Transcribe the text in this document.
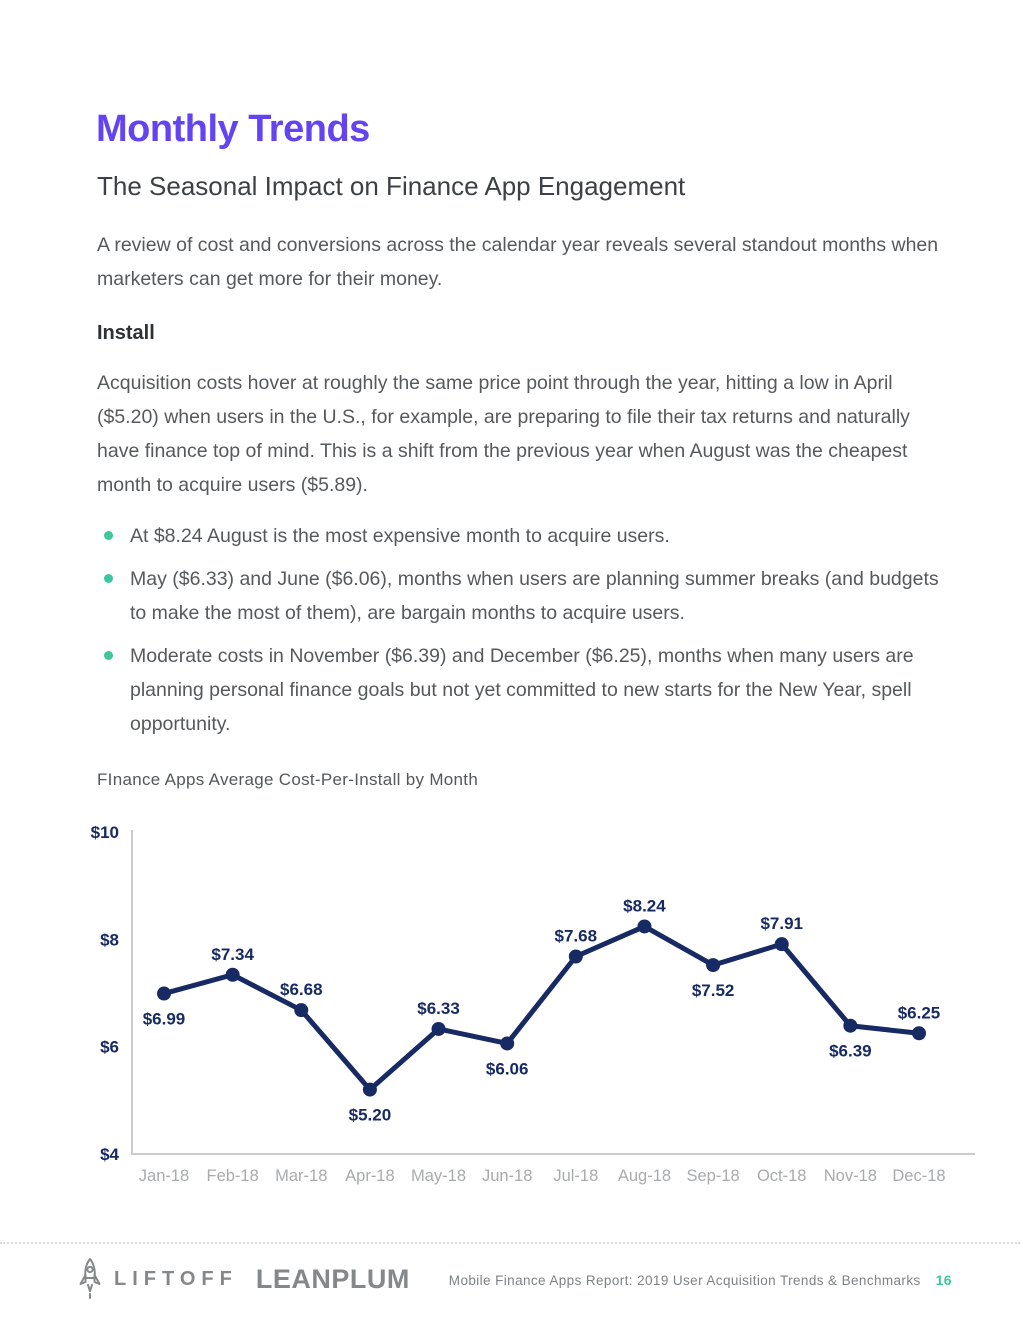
Monthly Trends
The Seasonal Impact on Finance App Engagement

A review of cost and conversions across the calendar year reveals several standout months when marketers can get more for their money.

Install

Acquisition costs hover at roughly the same price point through the year, hitting a low in April ($5.20) when users in the U.S., for example, are preparing to file their tax returns and naturally have finance top of mind. This is a shift from the previous year when August was the cheapest month to acquire users ($5.89).

At $8.24 August is the most expensive month to acquire users.
May ($6.33) and June ($6.06), months when users are planning summer breaks (and budgets to make the most of them), are bargain months to acquire users.
Moderate costs in November ($6.39) and December ($6.25), months when many users are planning personal finance goals but not yet committed to new starts for the New Year, spell opportunity.
FInance Apps Average Cost-Per-Install by Month
$10
$8
$6
$4
Jan-18 Feb-18 Mar-18 Apr-18 May-18 Jun-18 Jul-18 Aug-18 Sep-18 Oct-18 Nov-18 Dec-18
$6.99
$7.34
$6.68
$5.20
$6.33
$6.06
$7.68
$8.24
$7.52
$7.91
$6.39
$6.25
LIFTOFF LEANPLUM	Mobile Finance Apps Report: 2019 User Acquisition Trends & Benchmarks 16
